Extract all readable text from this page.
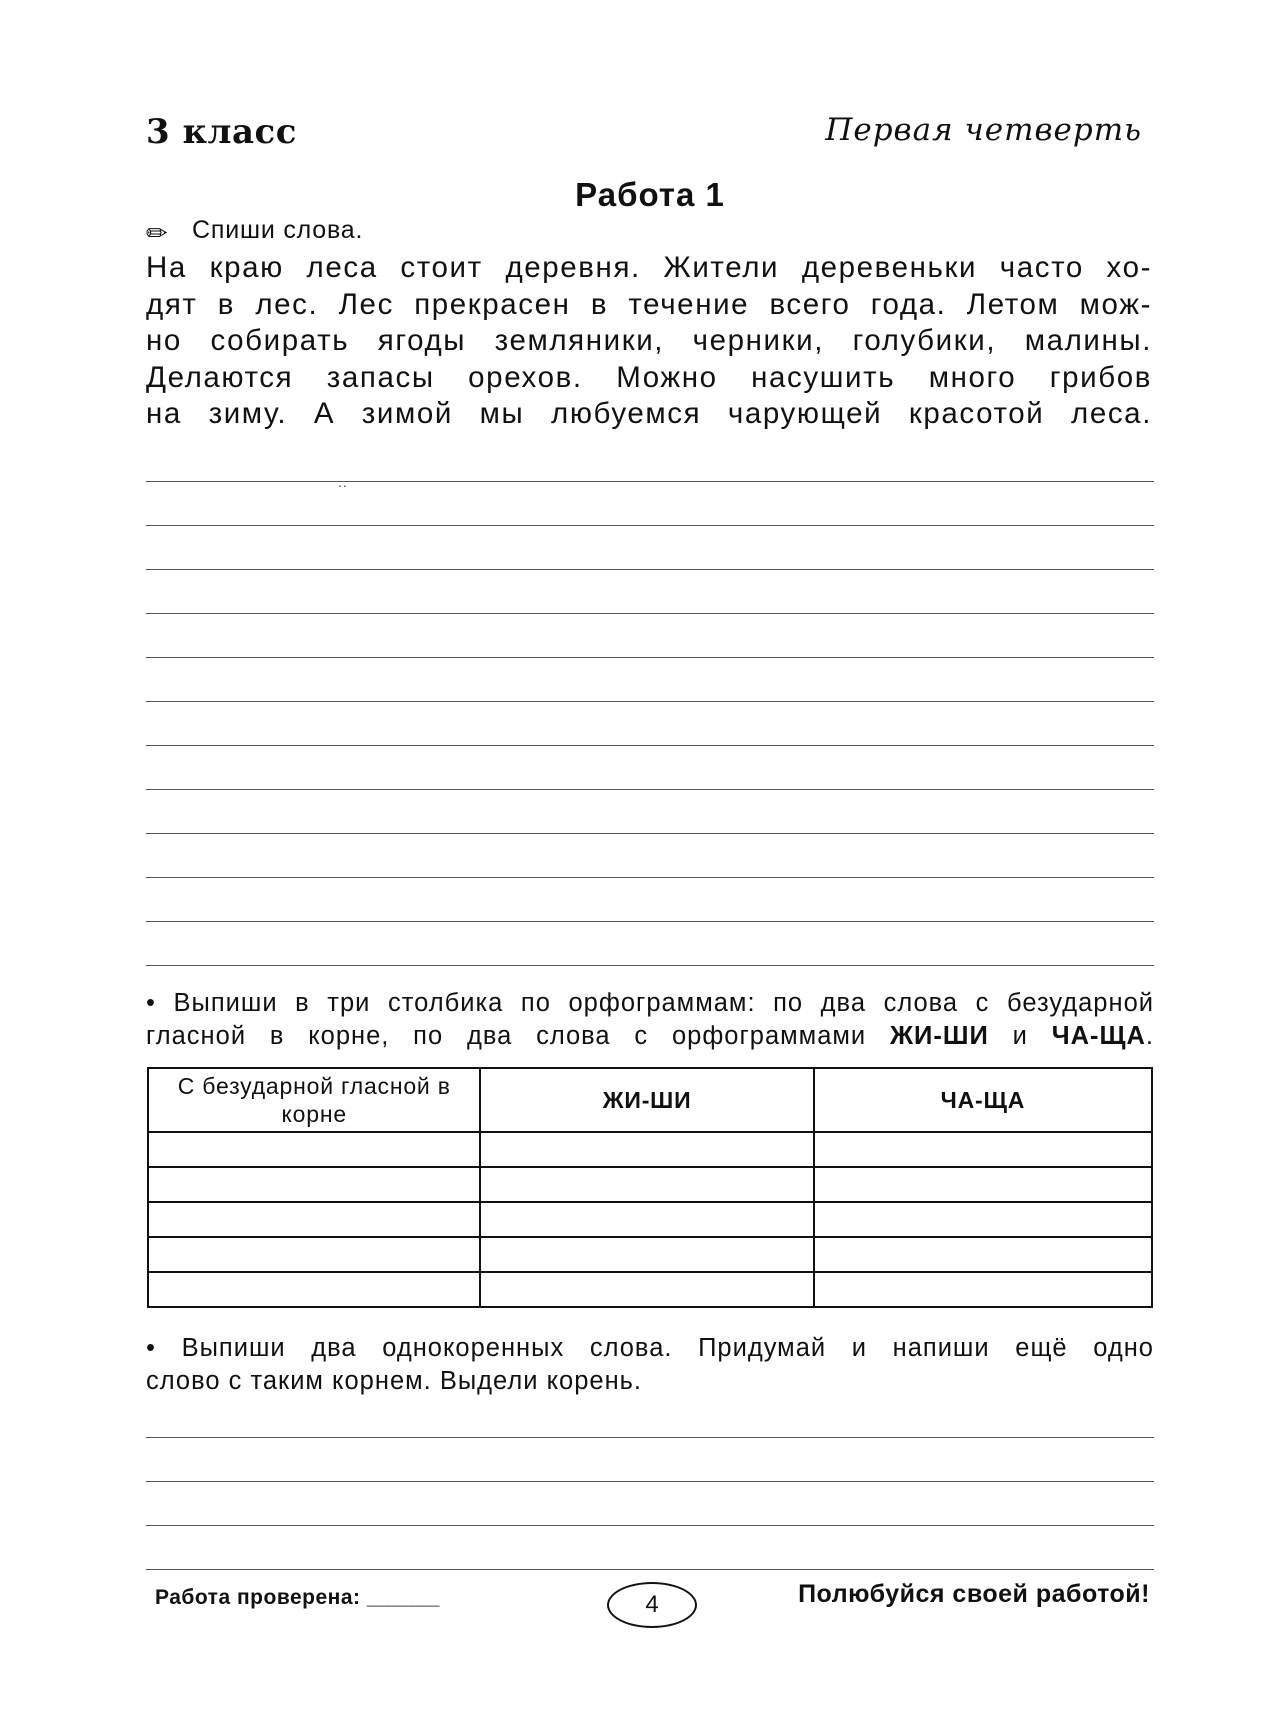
3 класс	Первая четверть
Работа 1
✏ Спиши слова.
На краю леса стоит деревня. Жители деревеньки часто хо-
дят в лес. Лес прекрасен в течение всего года. Летом мож-
но собирать ягоды земляники, черники, голубики, малины.
Делаются запасы орехов. Можно насушить много грибов
на зиму. А зимой мы любуемся чарующей красотой леса.
..
• Выпиши в три столбика по орфограммам: по два слова с безударной
гласной в корне, по два слова с орфограммами ЖИ-ШИ и ЧА-ЩА.
С безударной гласной в корне	ЖИ-ШИ	ЧА-ЩА

• Выпиши два однокоренных слова. Придумай и напиши ещё одно
слово с таким корнем. Выдели корень.
Работа проверена: ______	4	Полюбуйся своей работой!
